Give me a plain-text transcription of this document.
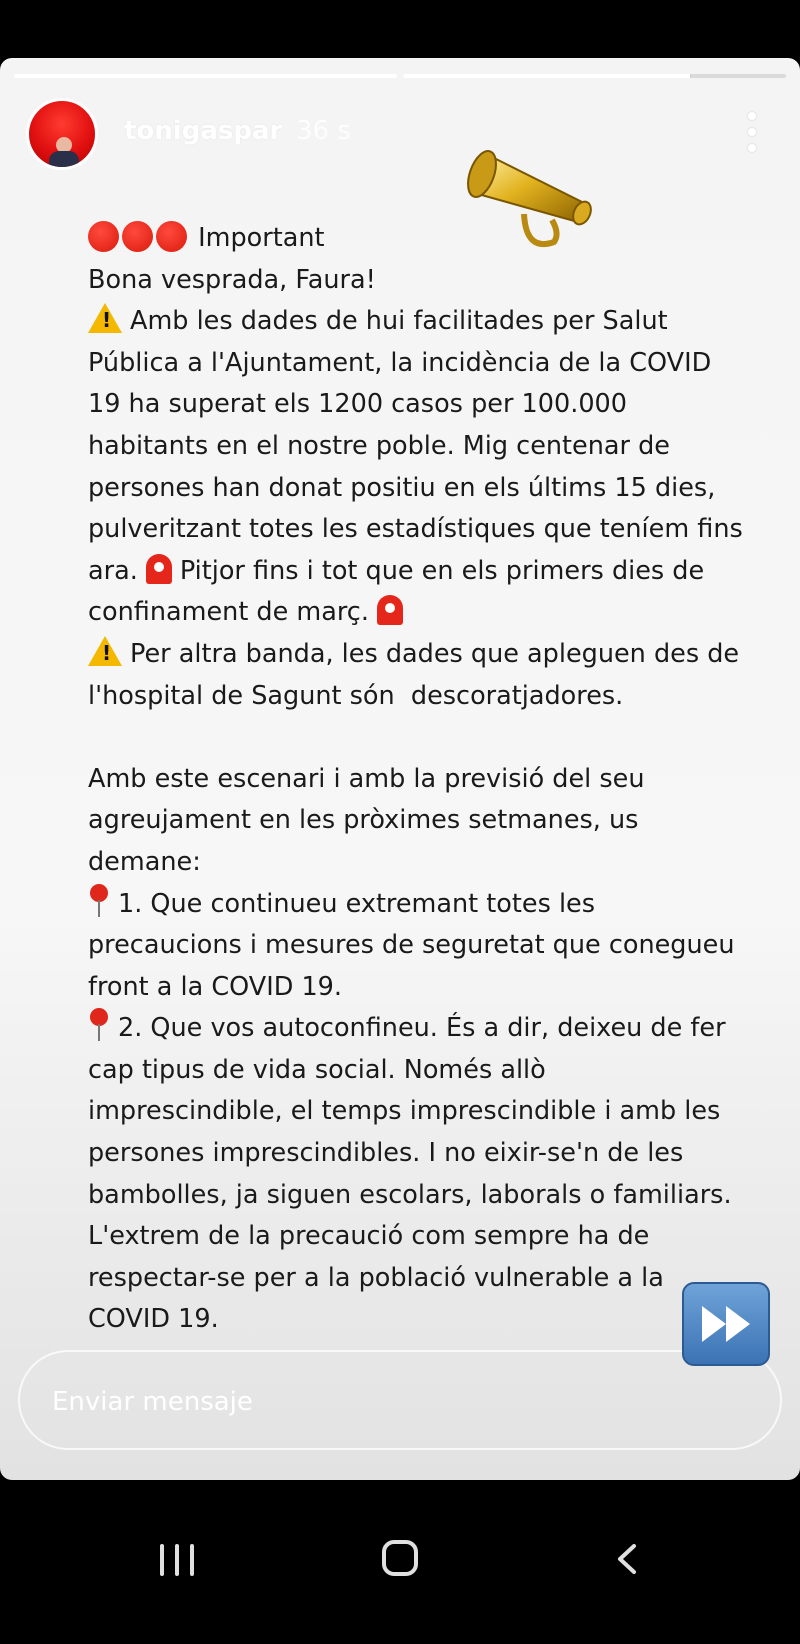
tonigaspar 36 s

Important

Bona vesprada, Faura!

!Amb les dades de hui facilitades per Salut Pública a l'Ajuntament, la incidència de la COVID 19 ha superat els 1200 casos per 100.000 habitants en el nostre poble. Mig centenar de persones han donat positiu en els últims 15 dies, pulveritzant totes les estadístiques que teníem fins ara. Pitjor fins i tot que en els primers dies de confinament de març.

!Per altra banda, les dades que apleguen des de l'hospital de Sagunt són  descoratjadores.

Amb este escenari i amb la previsió del seu agreujament en les pròximes setmanes, us demane:

1. Que continueu extremant totes les precaucions i mesures de seguretat que conegueu front a la COVID 19.

2. Que vos autoconfineu. És a dir, deixeu de fer cap tipus de vida social. Només allò imprescindible, el temps imprescindible i amb les persones imprescindibles. I no eixir-se'n de les bambolles, ja siguen escolars, laborals o familiars.

L'extrem de la precaució com sempre ha de respectar-se per a la població vulnerable a la COVID 19.

Enviar mensaje
